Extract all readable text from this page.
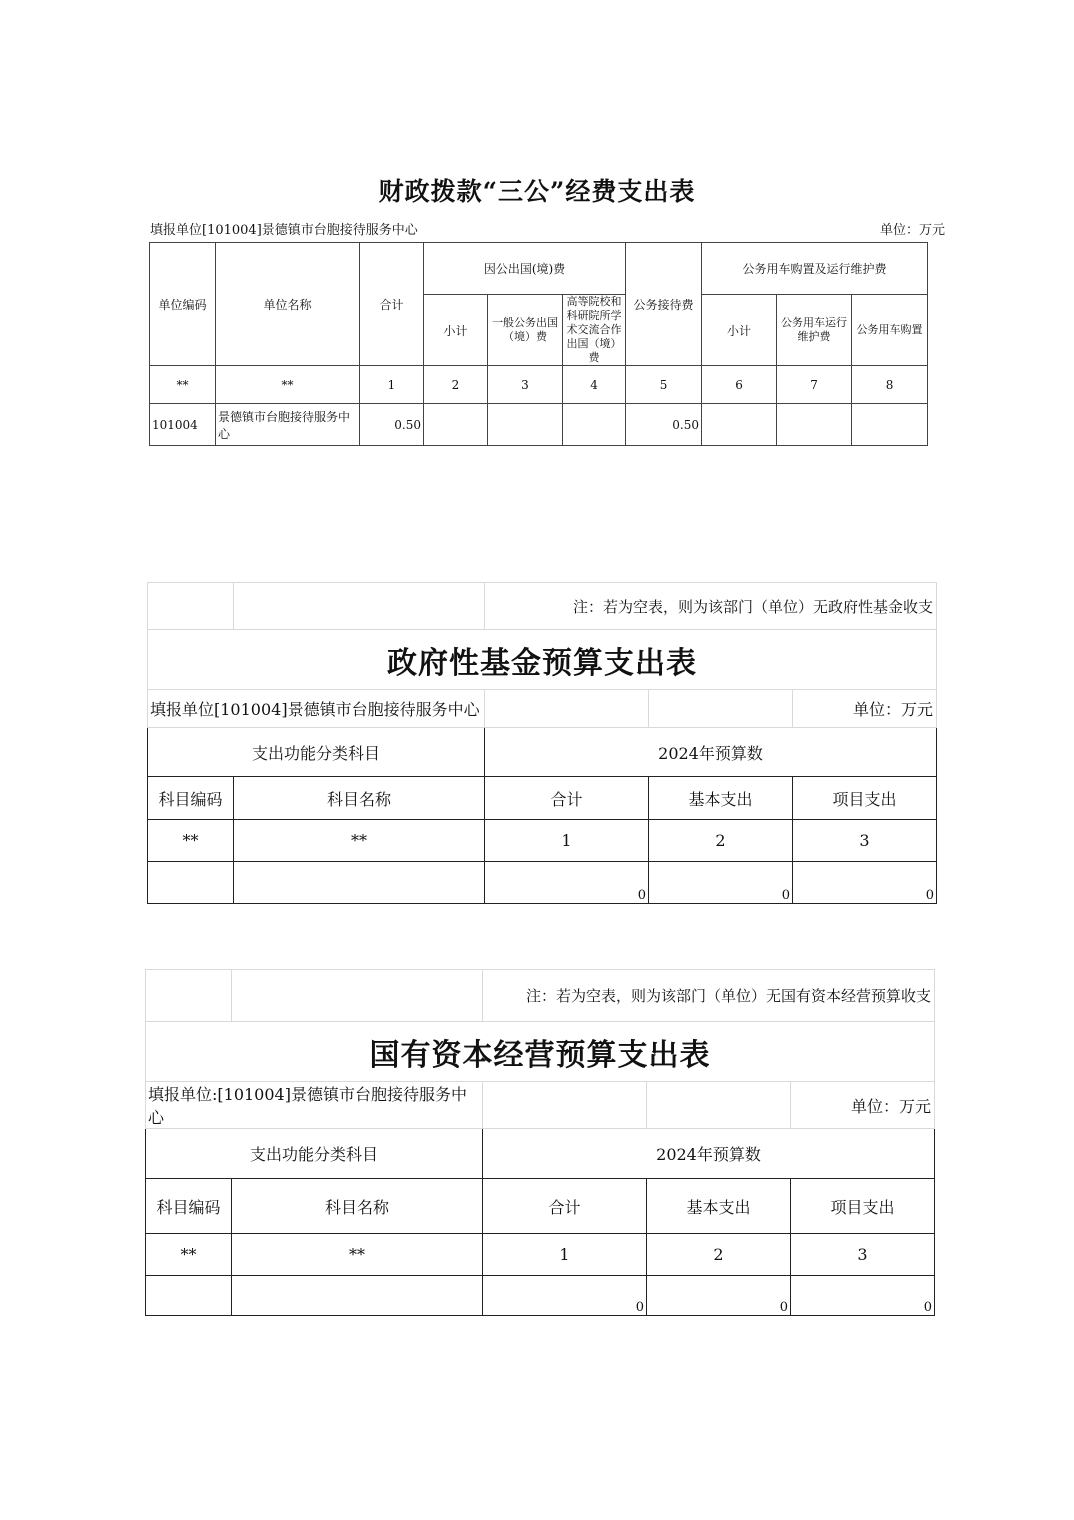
财政拨款“三公”经费支出表
填报单位[101004]景德镇市台胞接待服务中心	单位：万元
单位编码	单位名称	合计	因公出国(境)费			公务接待费	公务用车购置及运行维护费		
			小计	一般公务出国（境）费	高等院校和科研院所学术交流合作出国（境）费		小计	公务用车运行维护费	公务用车购置
**	**	1	2	3	4	5	6	7	8
101004	景德镇市台胞接待服务中心	0.50				0.50			
		注：若为空表，则为该部门（单位）无政府性基金收支		
政府性基金预算支出表				
填报单位[101004]景德镇市台胞接待服务中心				单位：万元
支出功能分类科目		2024年预算数		
科目编码	科目名称	合计	基本支出	项目支出
**	**	1	2	3
		0	0	0
		注：若为空表，则为该部门（单位）无国有资本经营预算收支		
国有资本经营预算支出表				
填报单位:[101004]景德镇市台胞接待服务中心				单位：万元
支出功能分类科目		2024年预算数		
科目编码	科目名称	合计	基本支出	项目支出
**	**	1	2	3
		0	0	0
